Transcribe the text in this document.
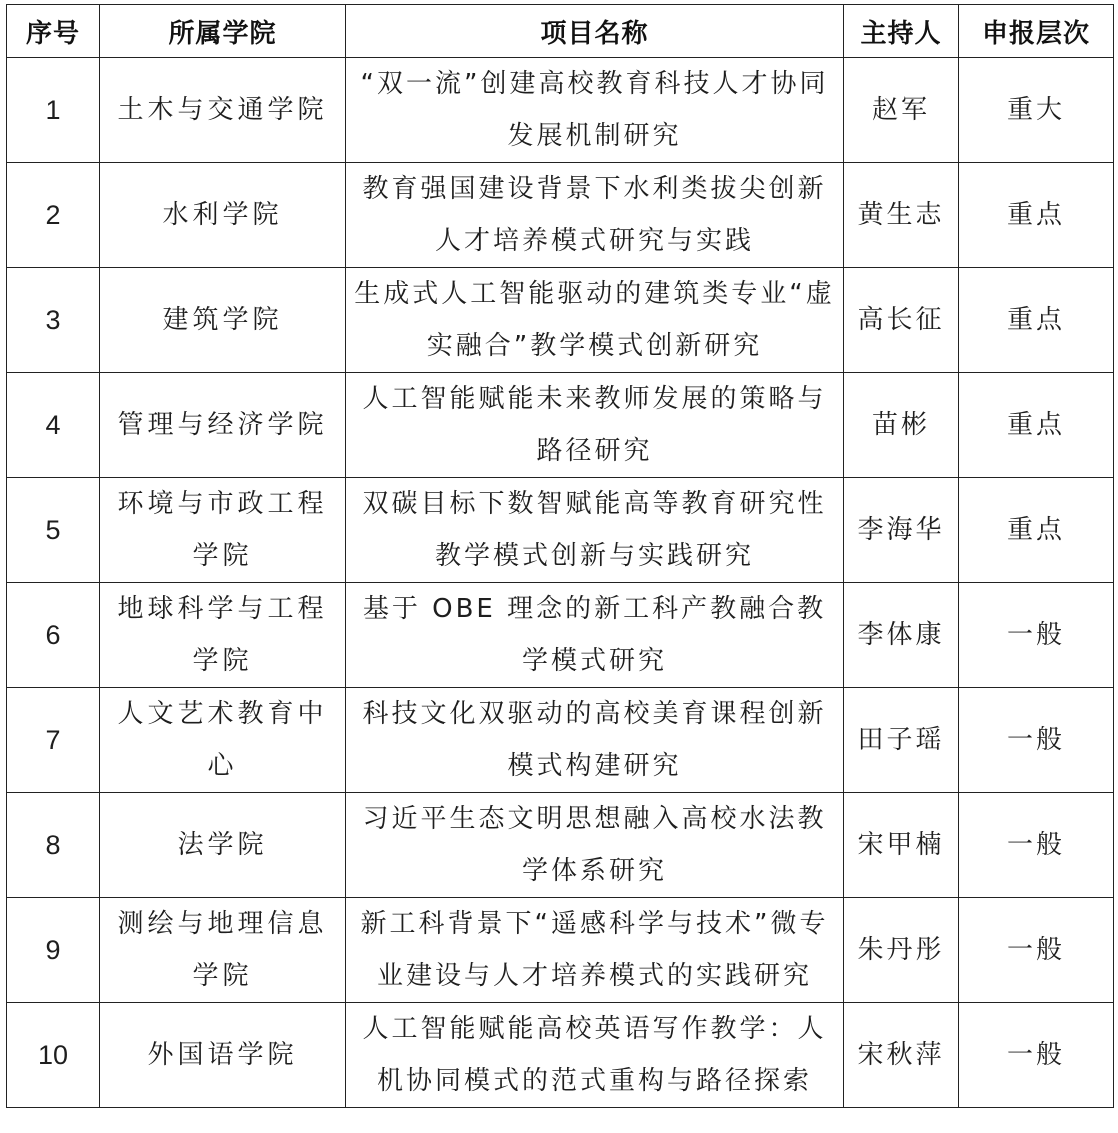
序号	所属学院	项目名称	主持人	申报层次
1	土木与交通学院	“双一流”创建高校教育科技人才协同发展机制研究	赵军	重大
2	水利学院	教育强国建设背景下水利类拔尖创新人才培养模式研究与实践	黄生志	重点
3	建筑学院	生成式人工智能驱动的建筑类专业“虚实融合”教学模式创新研究	高长征	重点
4	管理与经济学院	人工智能赋能未来教师发展的策略与路径研究	苗彬	重点
5	环境与市政工程学院	双碳目标下数智赋能高等教育研究性教学模式创新与实践研究	李海华	重点
6	地球科学与工程学院	基于 OBE 理念的新工科产教融合教学模式研究	李体康	一般
7	人文艺术教育中心	科技文化双驱动的高校美育课程创新模式构建研究	田子瑶	一般
8	法学院	习近平生态文明思想融入高校水法教学体系研究	宋甲楠	一般
9	测绘与地理信息学院	新工科背景下“遥感科学与技术”微专业建设与人才培养模式的实践研究	朱丹彤	一般
10	外国语学院	人工智能赋能高校英语写作教学：人机协同模式的范式重构与路径探索	宋秋萍	一般
